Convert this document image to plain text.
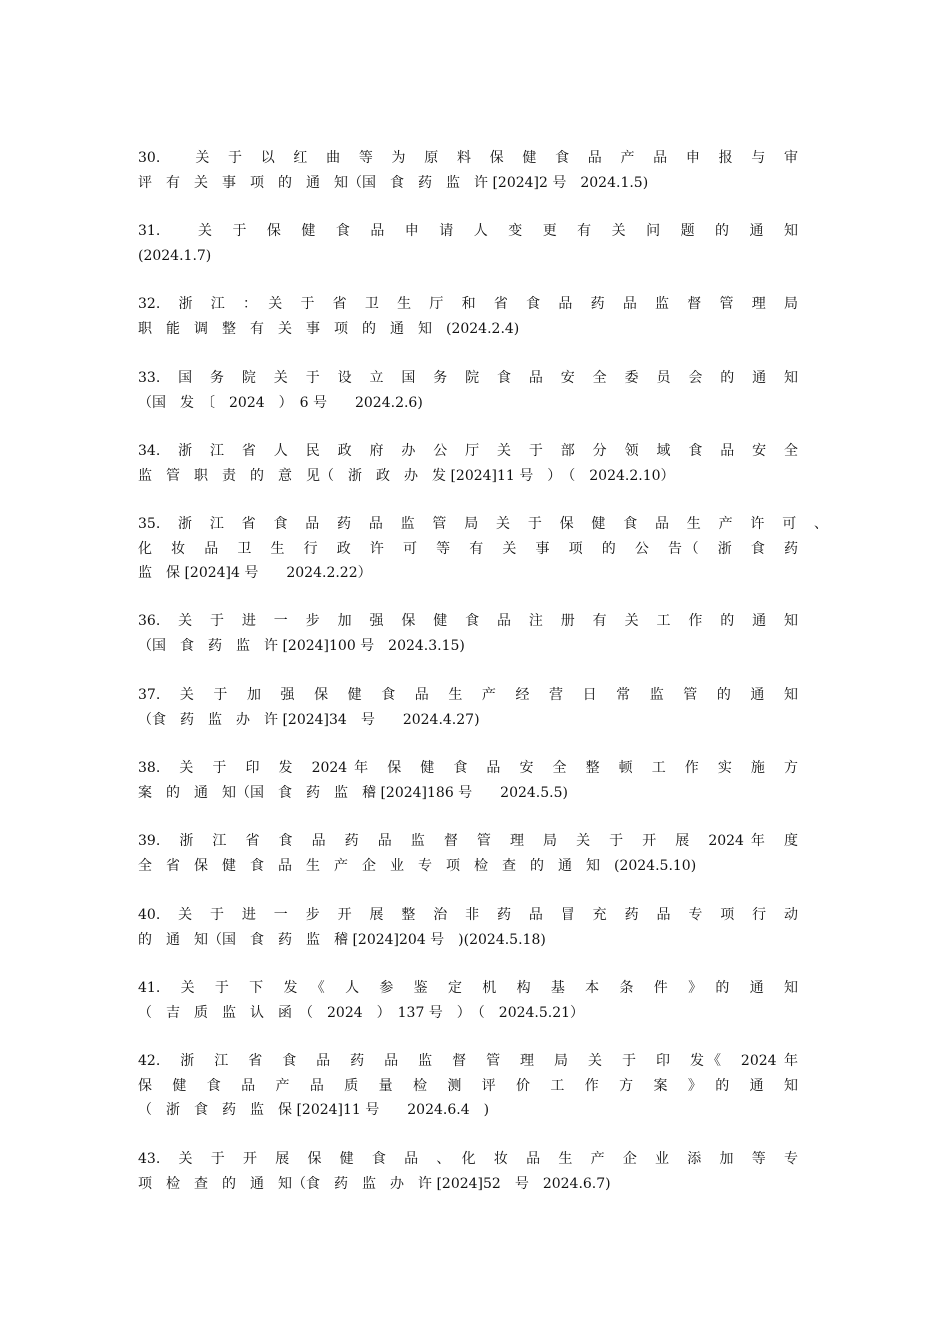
30.　　关　于　以　红　曲　等　为　原　料　保　健　食　品　产　品　申　报　与　审
评　有　关　事　项　的　通　知（国　食　药　监　许 [2024]2 号　2024.1.5)
31.　　关　于　保　健　食　品　申　请　人　变　更　有　关　问　题　的　通　知
(2024.1.7)
32.　浙　江　：　关　于　省　卫　生　厅　和　省　食　品　药　品　监　督　管　理　局
职　能　调　整　有　关　事　项　的　通　知　(2024.2.4)
33.　国　务　院　关　于　设　立　国　务　院　食　品　安　全　委　员　会　的　通　知
（国　发　〔　2024　）　6 号　　2024.2.6)
34.　浙　江　省　人　民　政　府　办　公　厅　关　于　部　分　领　域　食　品　安　全
监　管　职　责　的　意　见（　浙　政　办　发 [2024]11 号　）　（　2024.2.10）
35.　浙　江　省　食　品　药　品　监　管　局　关　于　保　健　食　品　生　产　许　可　、
化　妆　品　卫　生　行　政　许　可　等　有　关　事　项　的　公　告（　浙　食　药
监　保 [2024]4 号　　2024.2.22）
36.　关　于　进　一　步　加　强　保　健　食　品　注　册　有　关　工　作　的　通　知
（国　食　药　监　许 [2024]100 号　2024.3.15)
37.　关　于　加　强　保　健　食　品　生　产　经　营　日　常　监　管　的　通　知
（食　药　监　办　许 [2024]34　号　　2024.4.27)
38.　关　于　印　发　2024 年　保　健　食　品　安　全　整　顿　工　作　实　施　方
案　的　通　知（国　食　药　监　稽 [2024]186 号　　2024.5.5)
39.　浙　江　省　食　品　药　品　监　督　管　理　局　关　于　开　展　2024 年　度
全　省　保　健　食　品　生　产　企　业　专　项　检　查　的　通　知　(2024.5.10)
40.　关　于　进　一　步　开　展　整　治　非　药　品　冒　充　药　品　专　项　行　动
的　通　知（国　食　药　监　稽 [2024]204 号　)(2024.5.18)
41.　关　于　下　发　《　人　参　鉴　定　机　构　基　本　条　件　》　的　通　知
（　吉　质　监　认　函　（　2024　）　137 号　）　（　2024.5.21）
42.　浙　江　省　食　品　药　品　监　督　管　理　局　关　于　印　发《　2024 年
保　健　食　品　产　品　质　量　检　测　评　价　工　作　方　案　》　的　通　知
（　浙　食　药　监　保 [2024]11 号　　2024.6.4　)
43.　关　于　开　展　保　健　食　品　、　化　妆　品　生　产　企　业　添　加　等　专
项　检　查　的　通　知（食　药　监　办　许 [2024]52　号　2024.6.7)
